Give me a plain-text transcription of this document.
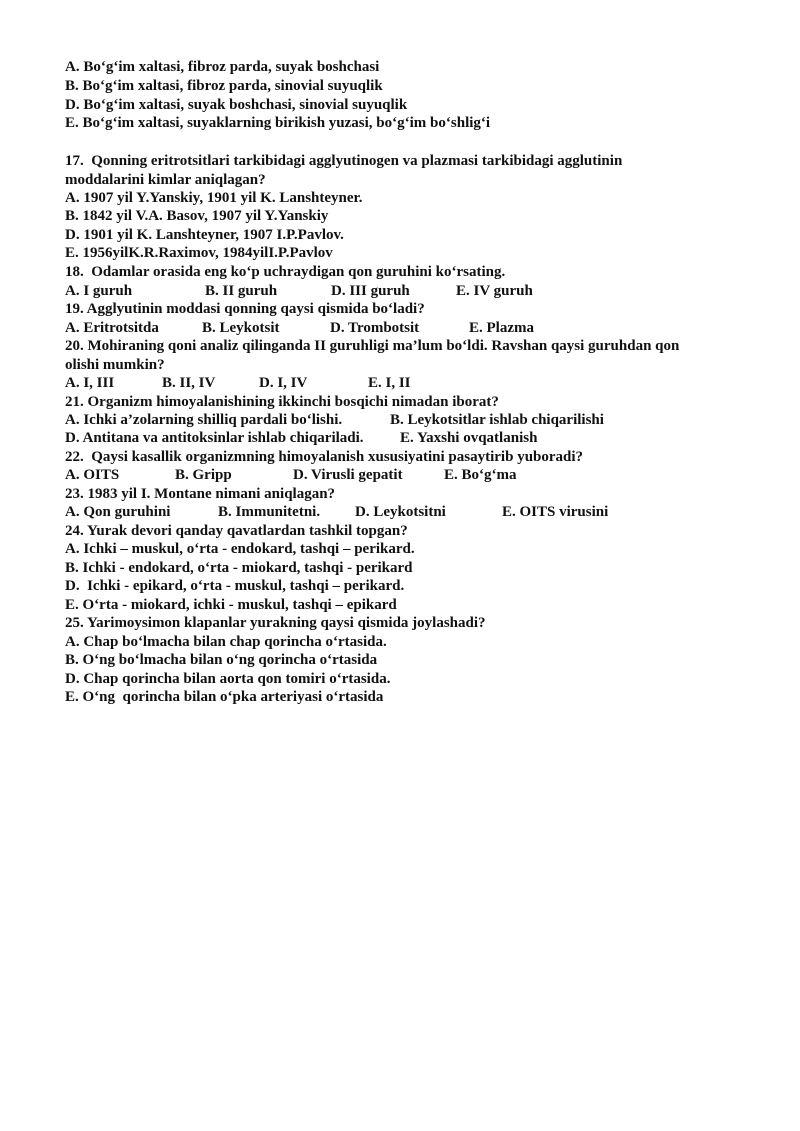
A. Bo‘g‘im xaltasi, fibroz parda, suyak boshchasi
B. Bo‘g‘im xaltasi, fibroz parda, sinovial suyuqlik
D. Bo‘g‘im xaltasi, suyak boshchasi, sinovial suyuqlik
E. Bo‘g‘im xaltasi, suyaklarning birikish yuzasi, bo‘g‘im bo‘shlig‘i
17.  Qonning eritrotsitlari tarkibidagi agglyutinogen va plazmasi tarkibidagi agglutinin
moddalarini kimlar aniqlagan?
A. 1907 yil Y.Yanskiy, 1901 yil K. Lanshteyner.
B. 1842 yil V.A. Basov, 1907 yil Y.Yanskiy
D. 1901 yil K. Lanshteyner, 1907 I.P.Pavlov.
E. 1956yilK.R.Raximov, 1984yilI.P.Pavlov
18.  Odamlar orasida eng ko‘p uchraydigan qon guruhini ko‘rsating.
A. I guruh	B. II guruh	D. III guruh	E. IV guruh
19. Agglyutinin moddasi qonning qaysi qismida bo‘ladi?
A. Eritrotsitda	B. Leykotsit	D. Trombotsit	E. Plazma
20. Mohiraning qoni analiz qilinganda II guruhligi ma’lum bo‘ldi. Ravshan qaysi guruhdan qon
olishi mumkin?
A. I, III	B. II, IV	D. I, IV	E. I, II
21. Organizm himoyalanishining ikkinchi bosqichi nimadan iborat?
A. Ichki a’zolarning shilliq pardali bo‘lishi.	B. Leykotsitlar ishlab chiqarilishi
D. Antitana va antitoksinlar ishlab chiqariladi. E. Yaxshi ovqatlanish
22.  Qaysi kasallik organizmning himoyalanish xususiyatini pasaytirib yuboradi?
A. OITS	B. Gripp	D. Virusli gepatit	E. Bo‘g‘ma
23. 1983 yil I. Montane nimani aniqlagan?
A. Qon guruhini	B. Immunitetni. D. Leykotsitni	E. OITS virusini
24. Yurak devori qanday qavatlardan tashkil topgan?
A. Ichki – muskul, o‘rta - endokard, tashqi – perikard.
B. Ichki - endokard, o‘rta - miokard, tashqi - perikard
D.  Ichki - epikard, o‘rta - muskul, tashqi – perikard.
E. O‘rta - miokard, ichki - muskul, tashqi – epikard
25. Yarimoysimon klapanlar yurakning qaysi qismida joylashadi?
A. Chap bo‘lmacha bilan chap qorincha o‘rtasida.
B. O‘ng bo‘lmacha bilan o‘ng qorincha o‘rtasida
D. Chap qorincha bilan aorta qon tomiri o‘rtasida.
E. O‘ng  qorincha bilan o‘pka arteriyasi o‘rtasida
